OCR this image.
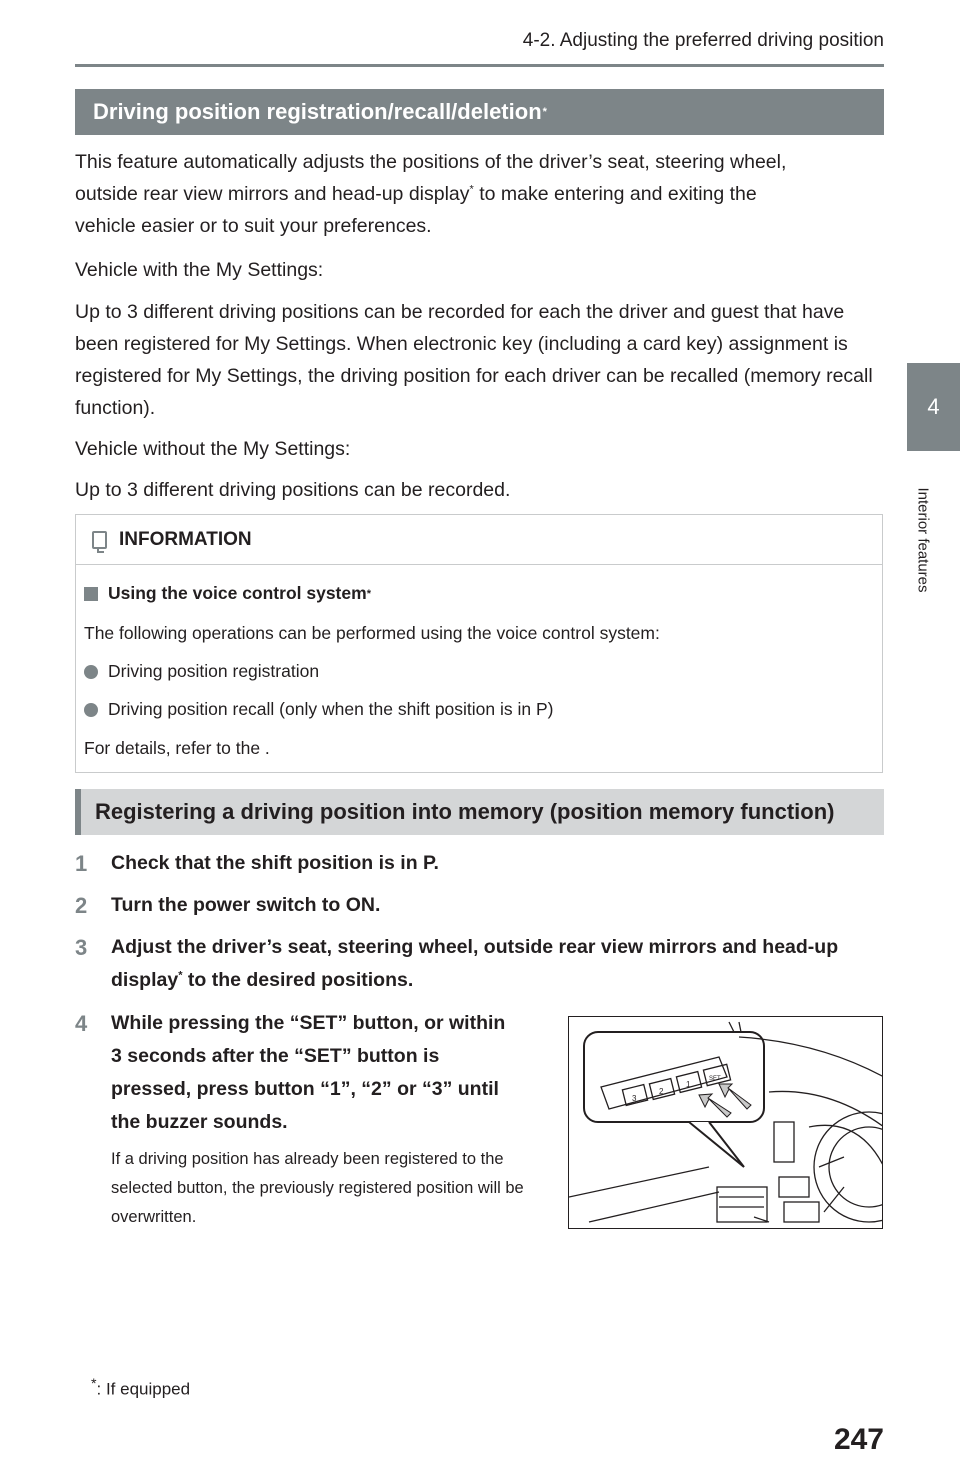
4-2. Adjusting the preferred driving position
4
Interior features
Driving position registration/recall/deletion *
This feature automatically adjusts the positions of the driver’s seat, steering wheel,
outside rear view mirrors and head-up display* to make entering and exiting the
vehicle easier or to suit your preferences.
Vehicle with the My Settings:
Up to 3 different driving positions can be recorded for each the driver and guest that have been registered for My Settings. When electronic key (including a card key) assignment is registered for My Settings, the driving position for each driver can be recalled (memory recall function).
Vehicle without the My Settings:
Up to 3 different driving positions can be recorded.
INFORMATION
Using the voice control system *
The following operations can be performed using the voice control system:
Driving position registration
Driving position recall (only when the shift position is in P)
For details, refer to the .
Registering a driving position into memory (position memory function)
1	Check that the shift position is in P.
2	Turn the power switch to ON.
3	Adjust the driver’s seat, steering wheel, outside rear view mirrors and head-up display* to the desired positions.
4	While pressing the “SET” button, or within 3 seconds after the “SET” button is pressed, press button “1”, “2” or “3” until the buzzer sounds.
If a driving position has already been registered to the selected button, the previously registered position will be overwritten.
3
2
1
SET
*: If equipped
247
